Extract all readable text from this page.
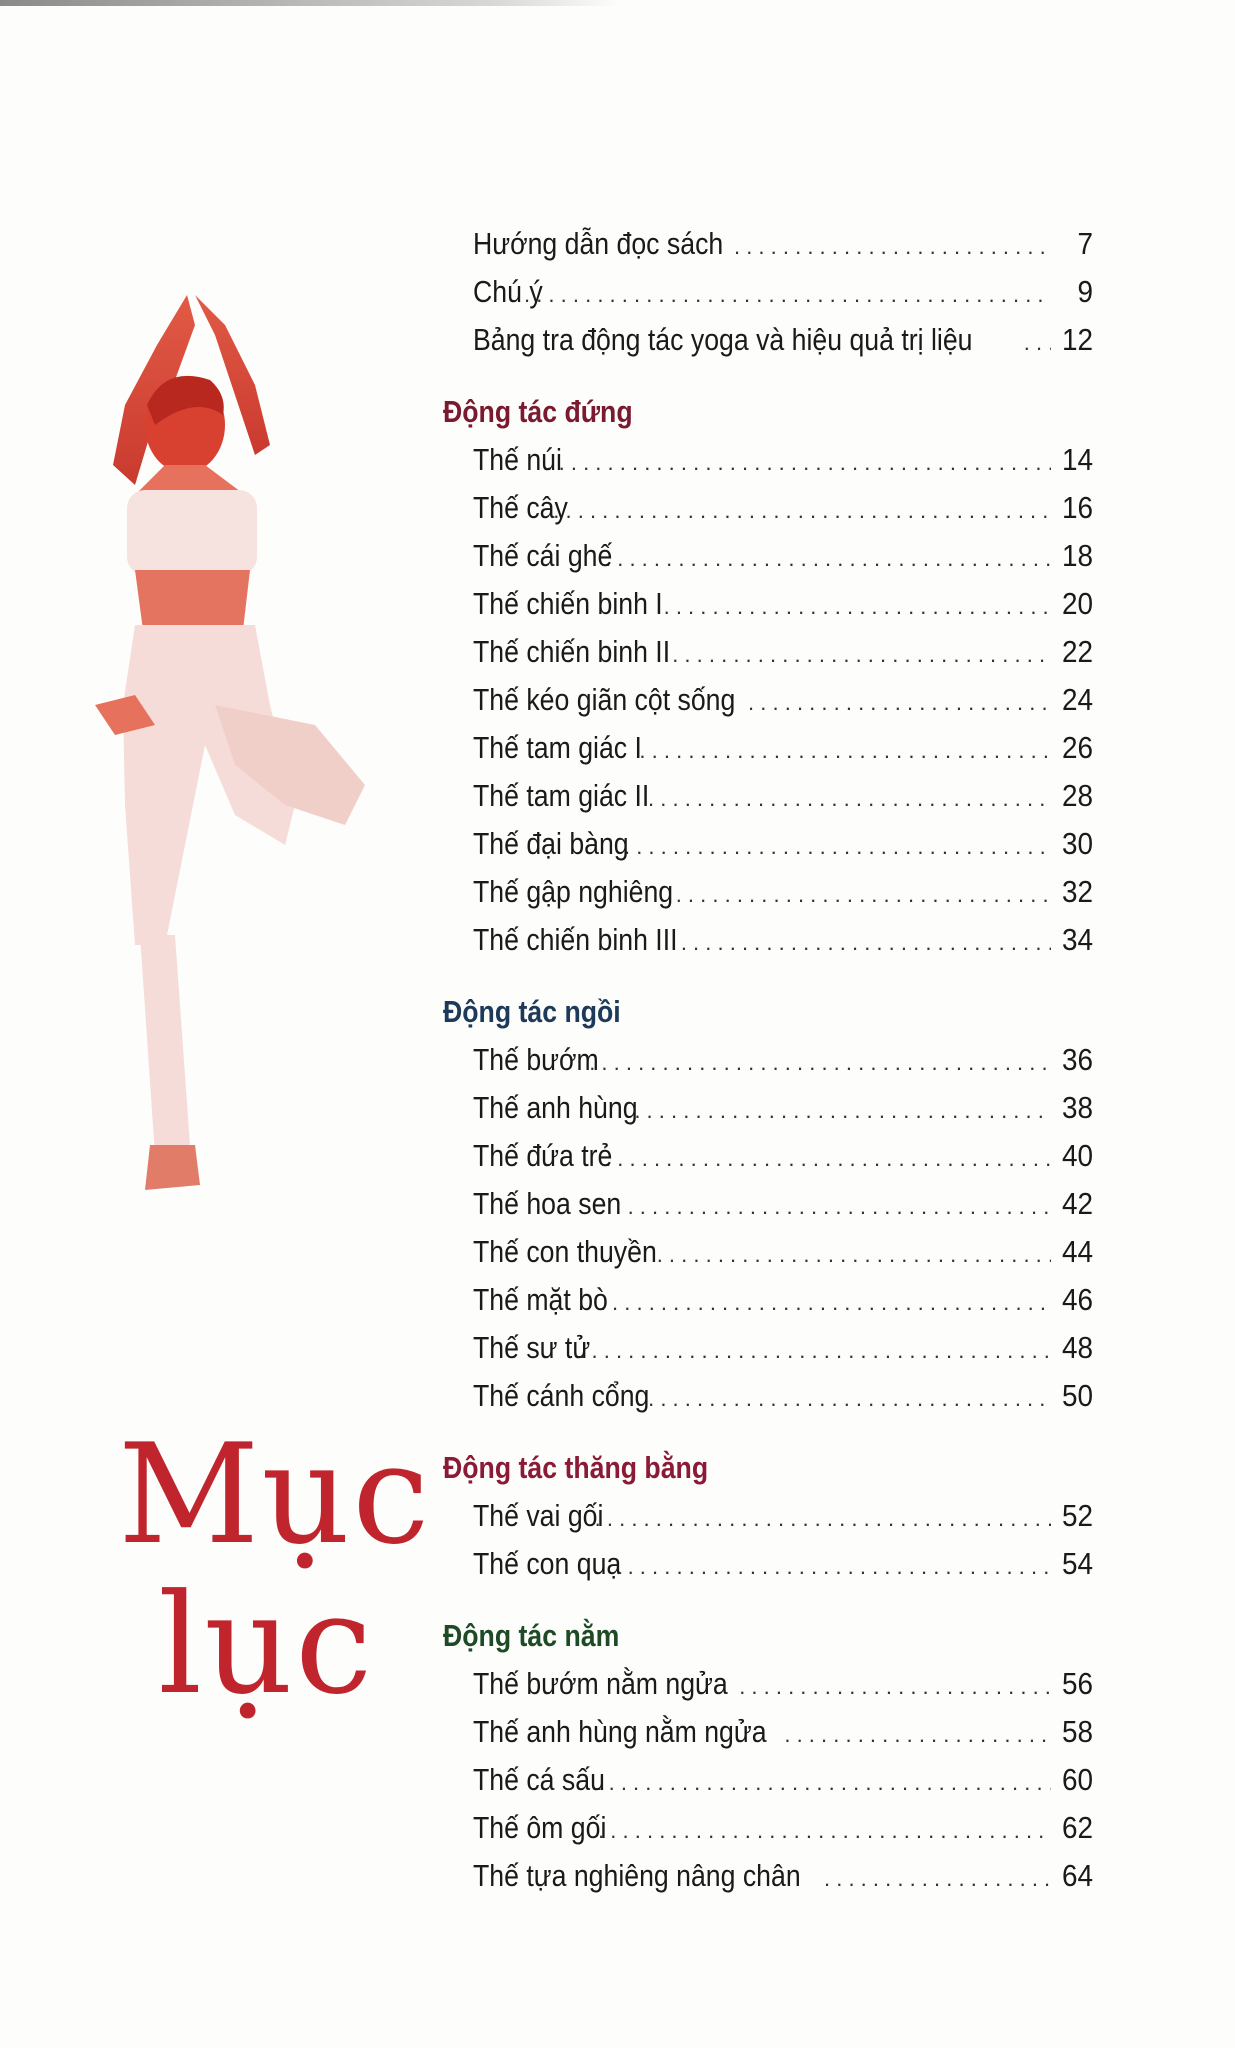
Mục
lục
Hướng dẫn đọc sách . . .	7
Chú ý . . .	9
Bảng tra động tác yoga và hiệu quả trị liệu . . .	12
Động tác đứng
Thế núi . . .	14
Thế cây . . .	16
Thế cái ghế . . .	18
Thế chiến binh I . . .	20
Thế chiến binh II . . .	22
Thế kéo giãn cột sống . . .	24
Thế tam giác I . . .	26
Thế tam giác II . . .	28
Thế đại bàng . . .	30
Thế gập nghiêng . . .	32
Thế chiến binh III . . .	34
Động tác ngồi
Thế bướm . . .	36
Thế anh hùng . . .	38
Thế đứa trẻ . . .	40
Thế hoa sen . . .	42
Thế con thuyền . . .	44
Thế mặt bò . . .	46
Thế sư tử . . .	48
Thế cánh cổng . . .	50
Động tác thăng bằng
Thế vai gối . . .	52
Thế con quạ . . .	54
Động tác nằm
Thế bướm nằm ngửa . . .	56
Thế anh hùng nằm ngửa . . .	58
Thế cá sấu . . .	60
Thế ôm gối . . .	62
Thế tựa nghiêng nâng chân . . .	64
